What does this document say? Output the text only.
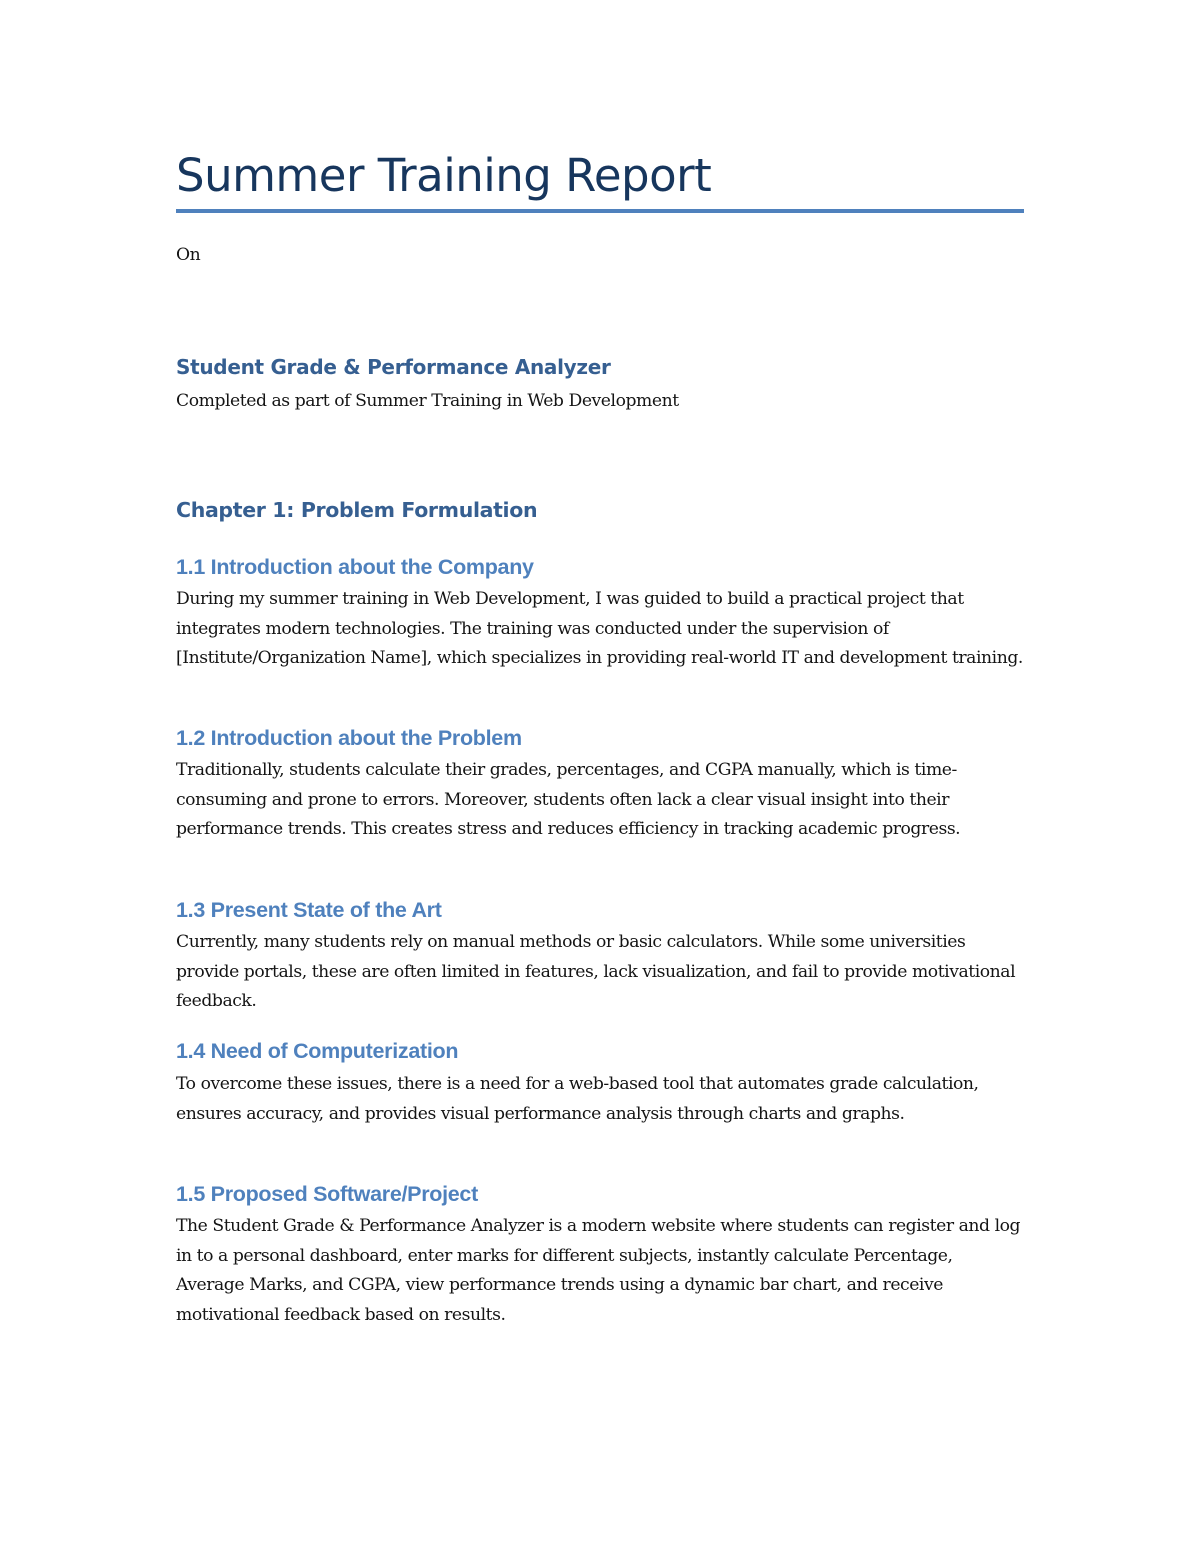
Summer Training Report

On

Student Grade & Performance Analyzer

Completed as part of Summer Training in Web Development

Chapter 1: Problem Formulation
1.1 Introduction about the Company

During my summer training in Web Development, I was guided to build a practical project that integrates modern technologies. The training was conducted under the supervision of [Institute/Organization Name], which specializes in providing real-world IT and development training.

1.2 Introduction about the Problem

Traditionally, students calculate their grades, percentages, and CGPA manually, which is time-consuming and prone to errors. Moreover, students often lack a clear visual insight into their performance trends. This creates stress and reduces efficiency in tracking academic progress.

1.3 Present State of the Art

Currently, many students rely on manual methods or basic calculators. While some universities provide portals, these are often limited in features, lack visualization, and fail to provide motivational feedback.

1.4 Need of Computerization

To overcome these issues, there is a need for a web-based tool that automates grade calculation, ensures accuracy, and provides visual performance analysis through charts and graphs.

1.5 Proposed Software/Project

The Student Grade & Performance Analyzer is a modern website where students can register and log in to a personal dashboard, enter marks for different subjects, instantly calculate Percentage, Average Marks, and CGPA, view performance trends using a dynamic bar chart, and receive motivational feedback based on results.
